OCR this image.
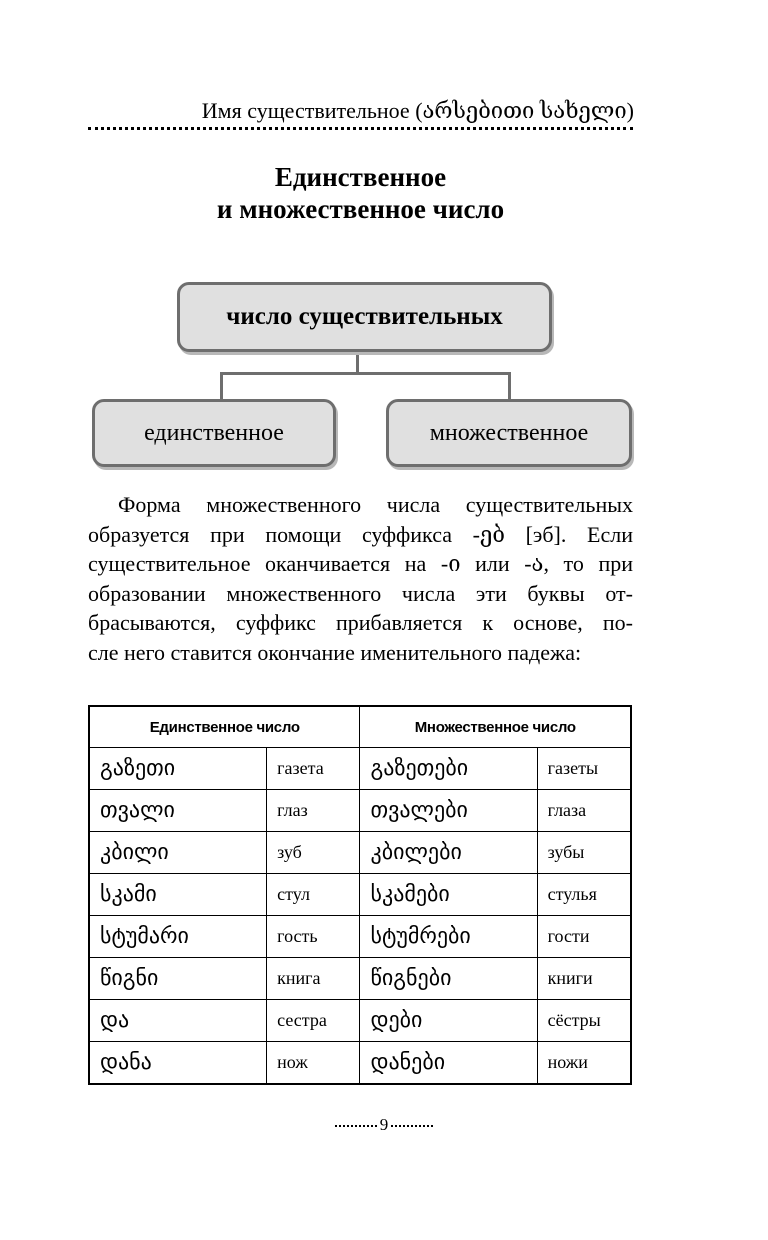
Имя существительное (არსებითი სახელი)
Единственное
и множественное число
число существительных
единственное	множественное
Форма множественного числа существительных
образуется при помощи суффикса -ებ [эб]. Если
существительное оканчивается на -ი или -ა, то при
образовании множественного числа эти буквы от-
брасываются, суффикс прибавляется к основе, по-
сле него ставится окончание именительного падежа:
Единственное число		Множественное число	
გაზეთი	газета	გაზეთები	газеты
თვალი	глаз	თვალები	глаза
კბილი	зуб	კბილები	зубы
სკამი	стул	სკამები	стулья
სტუმარი	гость	სტუმრები	гости
წიგნი	книга	წიგნები	книги
და	сестра	დები	сёстры
დანა	нож	დანები	ножи
9
